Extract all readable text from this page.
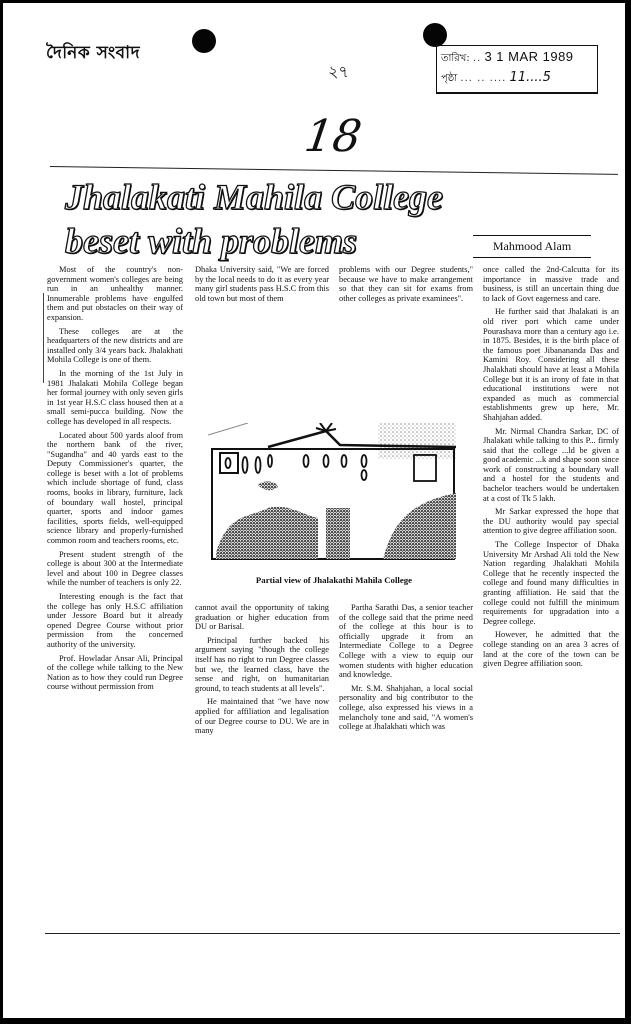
দৈনিক সংবাদ
২৭
তারিখ: .. 3 1 MAR 1989
পৃষ্ঠা ... .. .... 11....5
18
Jhalakati Mahila College
beset with problems	Mahmood Alam

Most of the country's non-government women's colleges are being run in an unhealthy manner. Innumerable problems have engulfed them and put obstacles on their way of expansion.

These colleges are at the headquarters of the new districts and are installed only 3/4 years back. Jhalakhati Mohila College is one of them.

In the morning of the 1st July in 1981 Jhalakati Mohila College began her formal journey with only seven girls in 1st year H.S.C class housed then at a small semi-pucca building. Now the college has developed in all respects.

Located about 500 yards aloof from the northern bank of the river, "Sugandha" and 40 yards east to the Deputy Commissioner's quarter, the college is beset with a lot of problems which include shortage of fund, class rooms, books in library, furniture, lack of boundary wall hostel, principal quarter, sports and indoor games facilities, sports fields, well-equipped science library and properly-furnished common room and teachers rooms, etc.

Present student strength of the college is about 300 at the Intermediate level and about 100 in Degree classes while the number of teachers is only 22.

Interesting enough is the fact that the college has only H.S.C affiliation under Jessore Board but it already opened Degree Course without prior permission from the concerned authority of the university.

Prof. Howladar Ansar Ali, Principal of the college while talking to the New Nation as to how they could run Degree course without permission from

Dhaka University said, "We are forced by the local needs to do it as every year many girl students pass H.S.C from this old town but most of them

problems with our Degree students," because we have to make arrangement so that they can sit for exams from other colleges as private examinees".

Partial view of Jhalakathi Mahila College

cannot avail the opportunity of taking graduation or higher education from DU or Barisal.

Principal further backed his argument saying "though the college itself has no right to run Degree classes but we, the learned class, have the sense and right, on humanitarian ground, to teach students at all levels".

He maintained that "we have now applied for affiliation and legalisation of our Degree course to DU. We are in many

Partha Sarathi Das, a senior teacher of the college said that the prime need of the college at this hour is to officially upgrade it from an Intermediate College to a Degree College with a view to equip our women students with higher education and knowledge.

Mr. S.M. Shahjahan, a local social personality and big contributor to the college, also expressed his views in a melancholy tone and said, "A women's college at Jhalakhati which was

once called the 2nd-Calcutta for its importance in massive trade and business, is still an uncertain thing due to lack of Govt eagerness and care.

He further said that Jhalakati is an old river port which came under Pourashava more than a century ago i.e. in 1875. Besides, it is the birth place of the famous poet Jibanananda Das and Kamini Roy. Considering all these Jhalakhati should have at least a Mohila College but it is an irony of fate in that educational institutions were not expanded as much as commercial establishments grew up here, Mr. Shahjahan added.

Mr. Nirmal Chandra Sarkar, DC of Jhalakati while talking to this P... firmly said that the college ...ld be given a good academic ...k and shape soon since work of constructing a boundary wall and a hostel for the students and bachelor teachers would be undertaken at a cost of Tk 5 lakh.

Mr Sarkar expressed the hope that the DU authority would pay special attention to give degree affiliation soon.

The College Inspector of Dhaka University Mr Arshad Ali told the New Nation regarding Jhalakhati Mohila College that he recently inspected the college and found many difficulties in granting affiliation. He said that the college could not fulfill the minimum requirements for upgradation into a Degree college.

However, he admitted that the college standing on an area 3 acres of land at the core of the town can be given Degree affiliation soon.
